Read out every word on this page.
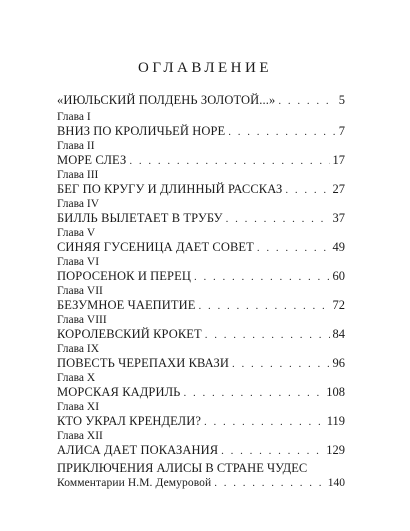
ОГЛАВЛЕНИЕ
«ИЮЛЬСКИЙ ПОЛДЕНЬ ЗОЛОТОЙ...» . . .	5
Глава I
ВНИЗ ПО КРОЛИЧЬЕЙ НОРЕ . . .	7
Глава II
МОРЕ СЛЕЗ . . .	17
Глава III
БЕГ ПО КРУГУ И ДЛИННЫЙ РАССКАЗ . . .	27
Глава IV
БИЛЛЬ ВЫЛЕТАЕТ В ТРУБУ . . .	37
Глава V
СИНЯЯ ГУСЕНИЦА ДАЕТ СОВЕТ . . .	49
Глава VI
ПОРОСЕНОК И ПЕРЕЦ . . .	60
Глава VII
БЕЗУМНОЕ ЧАЕПИТИЕ . . .	72
Глава VIII
КОРОЛЕВСКИЙ КРОКЕТ . . .	84
Глава IX
ПОВЕСТЬ ЧЕРЕПАХИ КВАЗИ . . .	96
Глава X
МОРСКАЯ КАДРИЛЬ . . .	108
Глава XI
КТО УКРАЛ КРЕНДЕЛИ? . . .	119
Глава XII
АЛИСА ДАЕТ ПОКАЗАНИЯ . . .	129
ПРИКЛЮЧЕНИЯ АЛИСЫ В СТРАНЕ ЧУДЕС
Комментарии Н.М. Демуровой . . .	140
